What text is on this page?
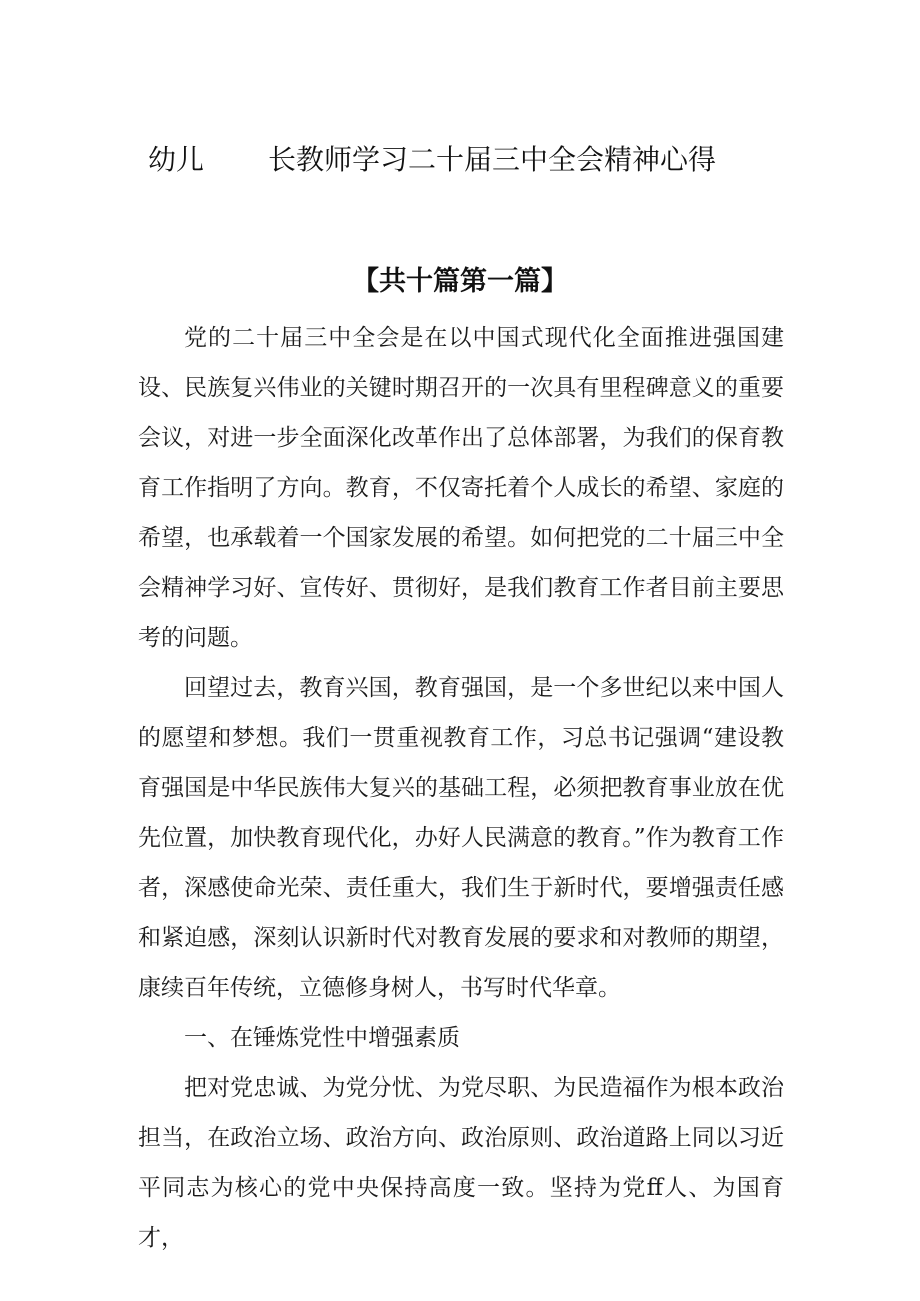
幼儿 长教师学习二十届三中全会精神心得
【共十篇第一篇】

党的二十届三中全会是在以中国式现代化全面推进强国建设、民族复兴伟业的关键时期召开的一次具有里程碑意义的重要会议，对进一步全面深化改革作出了总体部署，为我们的保育教育工作指明了方向。教育，不仅寄托着个人成长的希望、家庭的希望，也承载着一个国家发展的希望。如何把党的二十届三中全会精神学习好、宣传好、贯彻好，是我们教育工作者目前主要思考的问题。

回望过去，教育兴国，教育强国，是一个多世纪以来中国人的愿望和梦想。我们一贯重视教育工作，习总书记强调“建设教育强国是中华民族伟大复兴的基础工程，必须把教育事业放在优先位置，加快教育现代化，办好人民满意的教育。”作为教育工作者，深感使命光荣、责任重大，我们生于新时代，要增强责任感和紧迫感，深刻认识新时代对教育发展的要求和对教师的期望，康续百年传统，立德修身树人，书写时代华章。

一、在锤炼党性中增强素质

把对党忠诚、为党分忧、为党尽职、为民造福作为根本政治担当，在政治立场、政治方向、政治原则、政治道路上同以习近平同志为核心的党中央保持高度一致。坚持为党ff人、为国育才，
